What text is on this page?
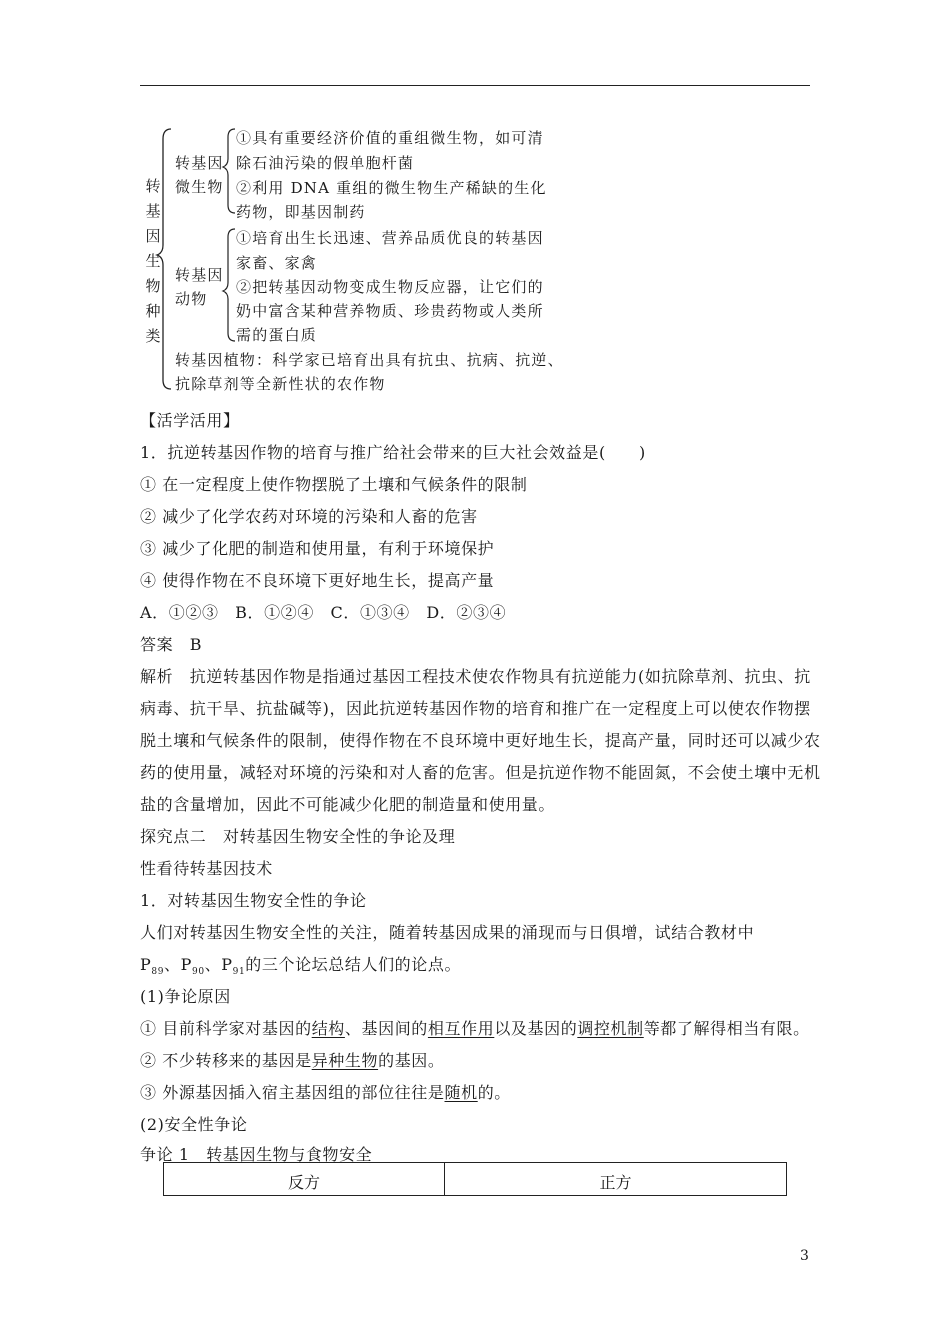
转
基
因
生
物
种
类
转基因
微生物
①具有重要经济价值的重组微生物，如可清
除石油污染的假单胞杆菌
②利用 DNA 重组的微生物生产稀缺的生化
药物，即基因制药
转基因
动物
①培育出生长迅速、营养品质优良的转基因
家畜、家禽
②把转基因动物变成生物反应器，让它们的
奶中富含某种营养物质、珍贵药物或人类所
需的蛋白质
转基因植物：科学家已培育出具有抗虫、抗病、抗逆、
抗除草剂等全新性状的农作物
【活学活用】
1．抗逆转基因作物的培育与推广给社会带来的巨大社会效益是(　　)
① 在一定程度上使作物摆脱了土壤和气候条件的限制
② 减少了化学农药对环境的污染和人畜的危害
③ 减少了化肥的制造和使用量，有利于环境保护
④ 使得作物在不良环境下更好地生长，提高产量
A．①②③　B．①②④　C．①③④　D．②③④
答案　B
解析　抗逆转基因作物是指通过基因工程技术使农作物具有抗逆能力(如抗除草剂、抗虫、抗
病毒、抗干旱、抗盐碱等)，因此抗逆转基因作物的培育和推广在一定程度上可以使农作物摆
脱土壤和气候条件的限制，使得作物在不良环境中更好地生长，提高产量，同时还可以减少农
药的使用量，减轻对环境的污染和对人畜的危害。但是抗逆作物不能固氮，不会使土壤中无机
盐的含量增加，因此不可能减少化肥的制造量和使用量。
探究点二　对转基因生物安全性的争论及理
性看待转基因技术
1．对转基因生物安全性的争论
人们对转基因生物安全性的关注，随着转基因成果的涌现而与日俱增，试结合教材中
$P_{89}$、$P_{90}$、$P_{91}$的三个论坛总结人们的论点。
(1)争论原因
① 目前科学家对基因的结构、基因间的相互作用以及基因的调控机制等都了解得相当有限。
② 不少转移来的基因是异种生物的基因。
③ 外源基因插入宿主基因组的部位往往是随机的。
(2)安全性争论
争论 1　转基因生物与食物安全
反方	正方
3
